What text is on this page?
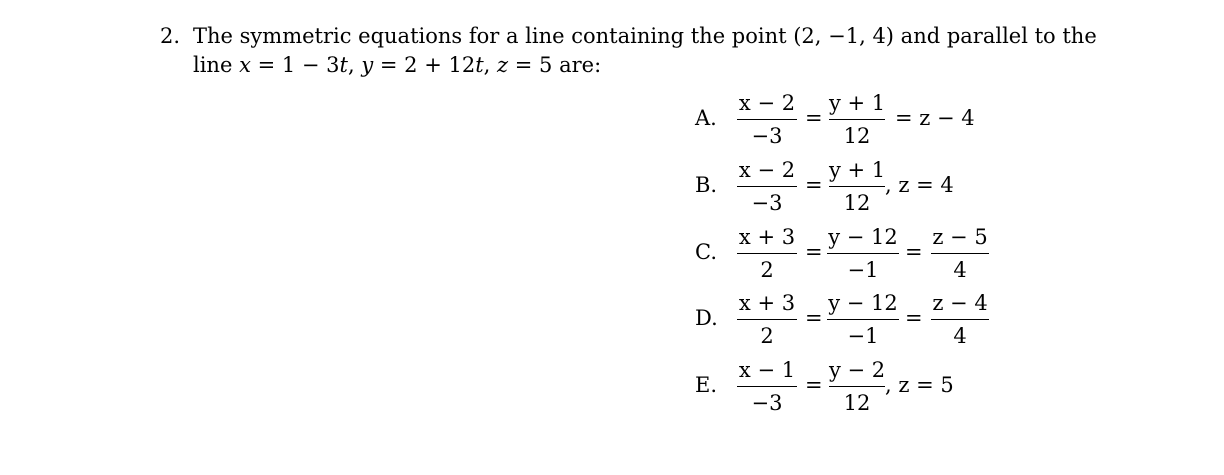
2. The symmetric equations for a line containing the point (2, −1, 4) and parallel to the
line x = 1 − 3t, y = 2 + 12t, z = 5 are:
A.
x − 2
−3
=
y + 1
12
= z − 4
B.
x − 2
−3
=
y + 1
12
, z = 4
C.
x + 3
2
=
y − 12
−1
=
z − 5
4
D.
x + 3
2
=
y − 12
−1
=
z − 4
4
E.
x − 1
−3
=
y − 2
12
, z = 5
